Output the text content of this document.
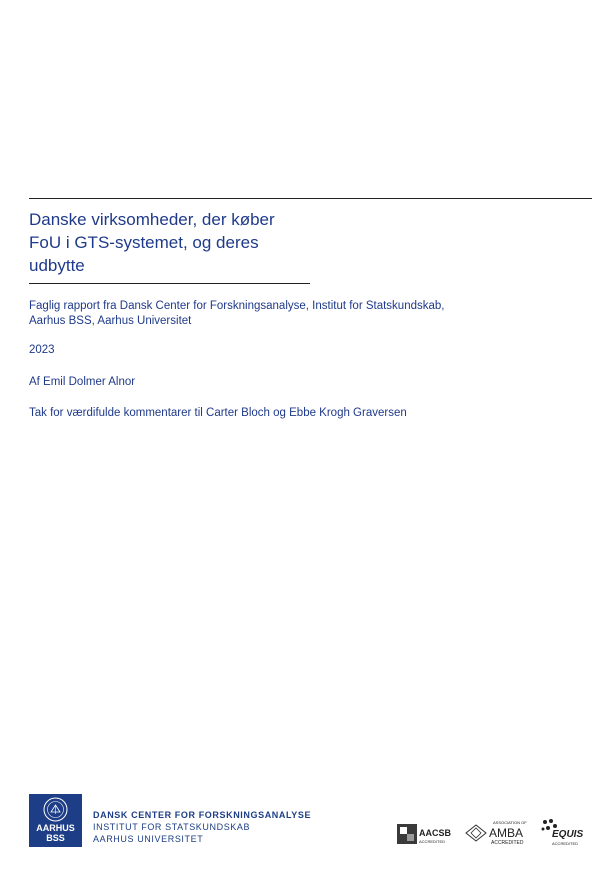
Danske virksomheder, der køber
FoU i GTS-systemet, og deres
udbytte
Faglig rapport fra Dansk Center for Forskningsanalyse, Institut for Statskundskab,
Aarhus BSS, Aarhus Universitet
2023
Af Emil Dolmer Alnor
Tak for værdifulde kommentarer til Carter Bloch og Ebbe Krogh Graversen
AARHUS
BSS
DANSK CENTER FOR FORSKNINGSANALYSE
INSTITUT FOR STATSKUNDSKAB
AARHUS UNIVERSITET
AACSB
ACCREDITED
ASSOCIATION OF
AMBA
ACCREDITED
EQUIS
ACCREDITED
